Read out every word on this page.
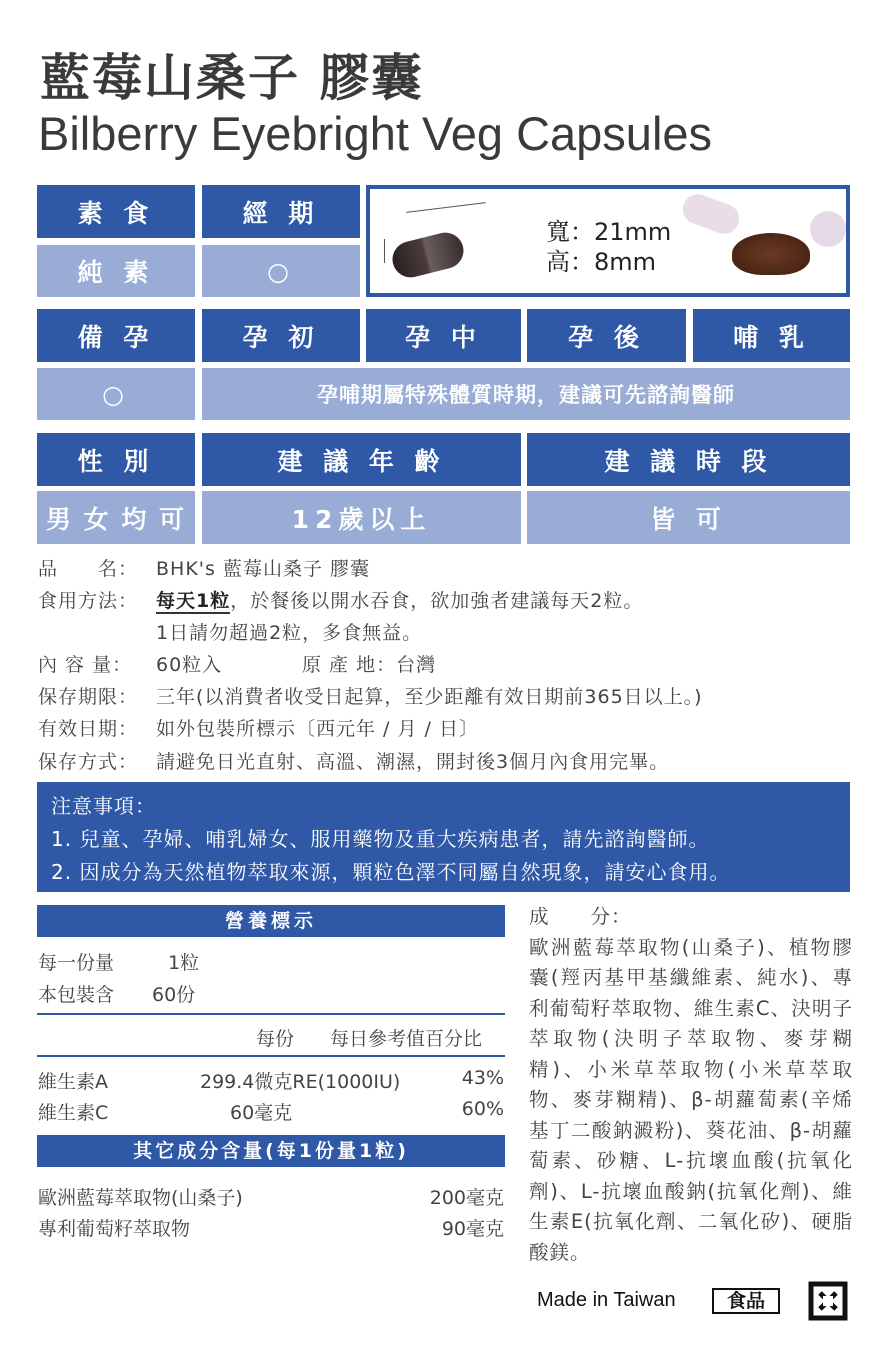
藍莓山桑子 膠囊
Bilberry Eyebright Veg Capsules
素 食	經 期
純 素	○
寬：21mm
高：8mm
備 孕	孕 初	孕 中	孕 後	哺 乳
○	孕哺期屬特殊體質時期，建議可先諮詢醫師
性 別	建 議 年 齡	建 議 時 段
男 女 均 可	12歲以上	皆 可
品　　名： BHK's 藍莓山桑子 膠囊
食用方法： 每天1粒，於餐後以開水吞食，欲加強者建議每天2粒。
1日請勿超過2粒，多食無益。
內 容 量： 60粒入	原 產 地：台灣
保存期限： 三年(以消費者收受日起算，至少距離有效日期前365日以上。)
有效日期： 如外包裝所標示〔西元年 / 月 / 日〕
保存方式： 請避免日光直射、高溫、潮濕，開封後3個月內食用完畢。
注意事項：
1. 兒童、孕婦、哺乳婦女、服用藥物及重大疾病患者，請先諮詢醫師。
2. 因成分為天然植物萃取來源，顆粒色澤不同屬自然現象，請安心食用。
營養標示
每一份量	1粒
本包裝含 60份
每份 每日參考值百分比
維生素A	299.4微克RE(1000IU)	43%
維生素C	60毫克	60%
其它成分含量(每1份量1粒)
歐洲藍莓萃取物(山桑子)	200毫克
專利葡萄籽萃取物	90毫克
成　　分：
歐洲藍莓萃取物(山桑子)、植物膠囊(羥丙基甲基纖維素、純水)、專利葡萄籽萃取物、維生素C、決明子萃取物(決明子萃取物、麥芽糊精)、小米草萃取物(小米草萃取物、麥芽糊精)、β-胡蘿蔔素(辛烯基丁二酸鈉澱粉)、葵花油、β-胡蘿蔔素、砂糖、L-抗壞血酸(抗氧化劑)、L-抗壞血酸鈉(抗氧化劑)、維生素E(抗氧化劑、二氧化矽)、硬脂酸鎂。
Made in Taiwan	食品
